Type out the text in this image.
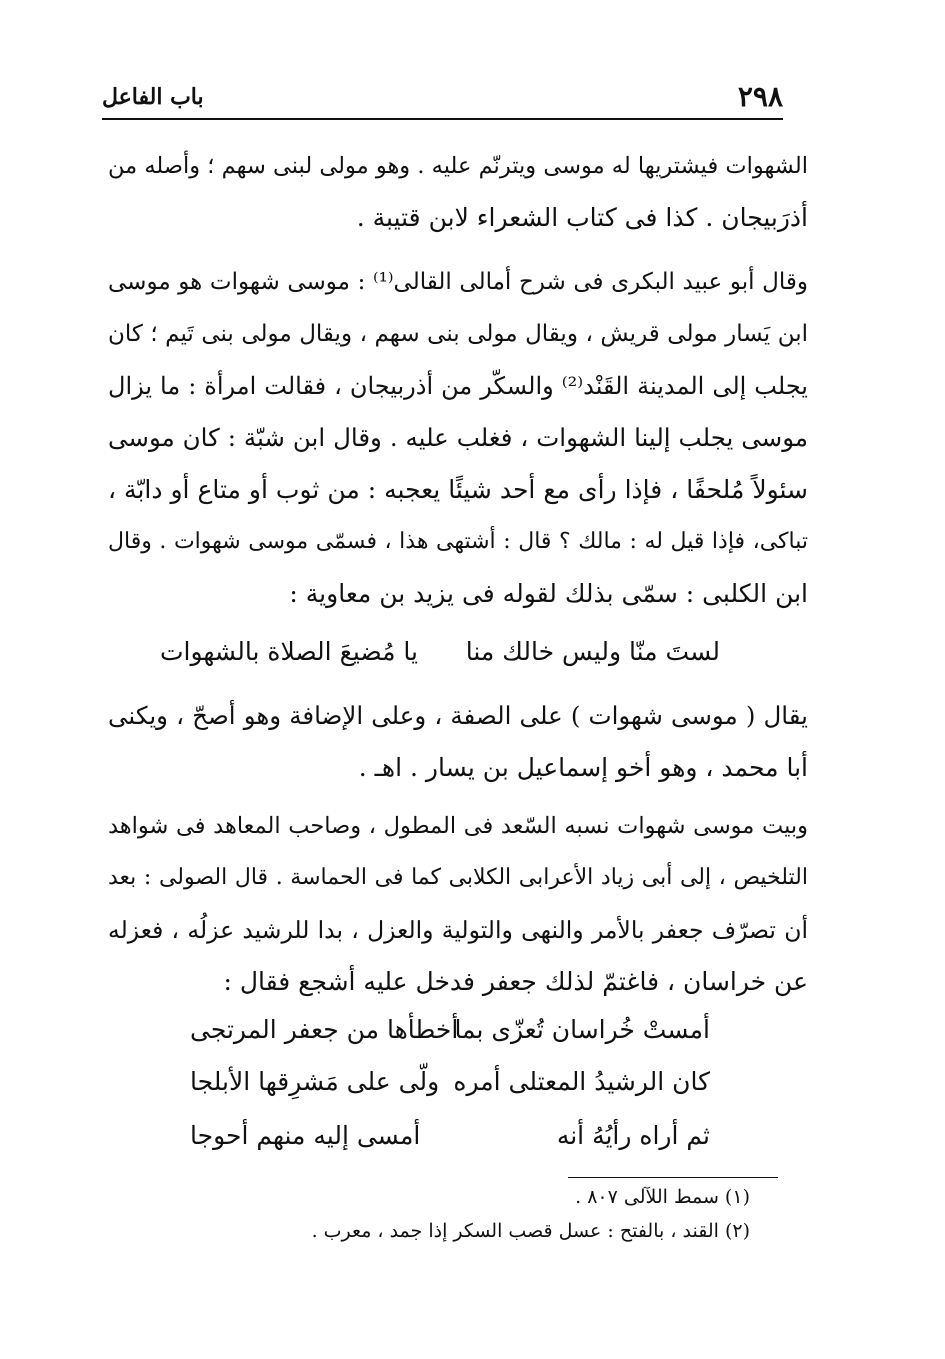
٢٩٨
باب الفاعل
الشهوات فيشتريها له موسى ويترنّم عليه . وهو مولى لبنى سهم ؛ وأصله من
أذرَبيجان . كذا فى كتاب الشعراء لابن قتيبة .
وقال أبو عبيد البكرى فى شرح أمالى القالى⁽¹⁾ : موسى شهوات هو موسى
ابن يَسار مولى قريش ، ويقال مولى بنى سهم ، ويقال مولى بنى تَيم ؛ كان
يجلب إلى المدينة القَنْد⁽²⁾ والسكّر من أذربيجان ، فقالت امرأة : ما يزال
موسى يجلب إلينا الشهوات ، فغلب عليه . وقال ابن شبّة : كان موسى
سئولاً مُلحفًا ، فإذا رأى مع أحد شيئًا يعجبه : من ثوب أو متاع أو دابّة ،
تباكى، فإذا قيل له : مالك ؟ قال : أشتهى هذا ، فسمّى موسى شهوات . وقال
ابن الكلبى : سمّى بذلك لقوله فى يزيد بن معاوية :
لستَ منّا وليس خالك منا
يا مُضيعَ الصلاة بالشهوات
يقال ( موسى شهوات ) على الصفة ، وعلى الإضافة وهو أصحّ ، ويكنى
أبا محمد ، وهو أخو إسماعيل بن يسار . اهـ .
وبيت موسى شهوات نسبه السّعد فى المطول ، وصاحب المعاهد فى شواهد
التلخيص ، إلى أبى زياد الأعرابى الكلابى كما فى الحماسة . قال الصولى : بعد
أن تصرّف جعفر بالأمر والنهى والتولية والعزل ، بدا للرشيد عزلُه ، فعزله
عن خراسان ، فاغتمّ لذلك جعفر فدخل عليه أشجع فقال :
أمستْ خُراسان تُعزّى بما
أخطأها من جعفر المرتجى
كان الرشيدُ المعتلى أمره
ولّى على مَشرِقها الأبلجا
ثم أراه رأيُهُ أنه
أمسى إليه منهم أحوجا
(١) سمط اللآلى ٨٠٧ .
(٢) القند ، بالفتح : عسل قصب السكر إذا جمد ، معرب .
